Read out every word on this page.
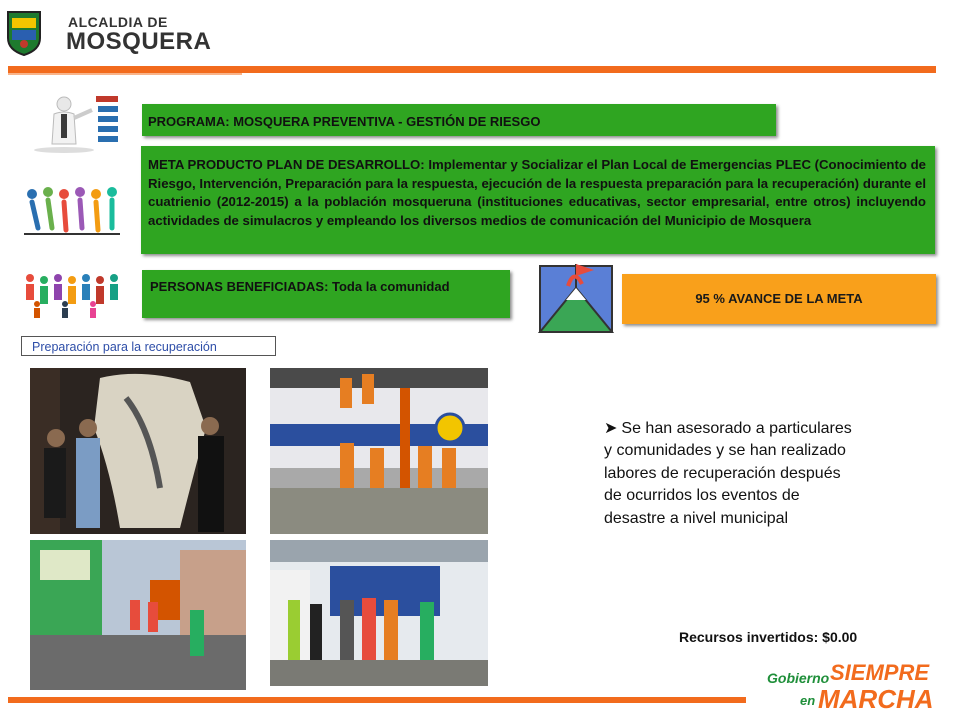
ALCALDIA DE
MOSQUERA
PROGRAMA: MOSQUERA PREVENTIVA - GESTIÓN DE RIESGO

META PRODUCTO PLAN DE DESARROLLO: Implementar y Socializar el Plan Local de Emergencias PLEC (Conocimiento de Riesgo, Intervención, Preparación para la respuesta, ejecución de la respuesta preparación para la recuperación) durante el cuatrienio (2012-2015) a la población mosqueruna (instituciones educativas, sector empresarial, entre otros) incluyendo actividades de simulacros y empleando los diversos medios de comunicación del Municipio de Mosquera

PERSONAS BENEFICIADAS: Toda la comunidad
95 % AVANCE DE LA META
Preparación para la recuperación
➤ Se han asesorado a particulares y comunidades y se han realizado labores de recuperación después de ocurridos los eventos de desastre a nivel municipal
Recursos invertidos: $0.00
Gobierno SIEMPRE
en MARCHA
